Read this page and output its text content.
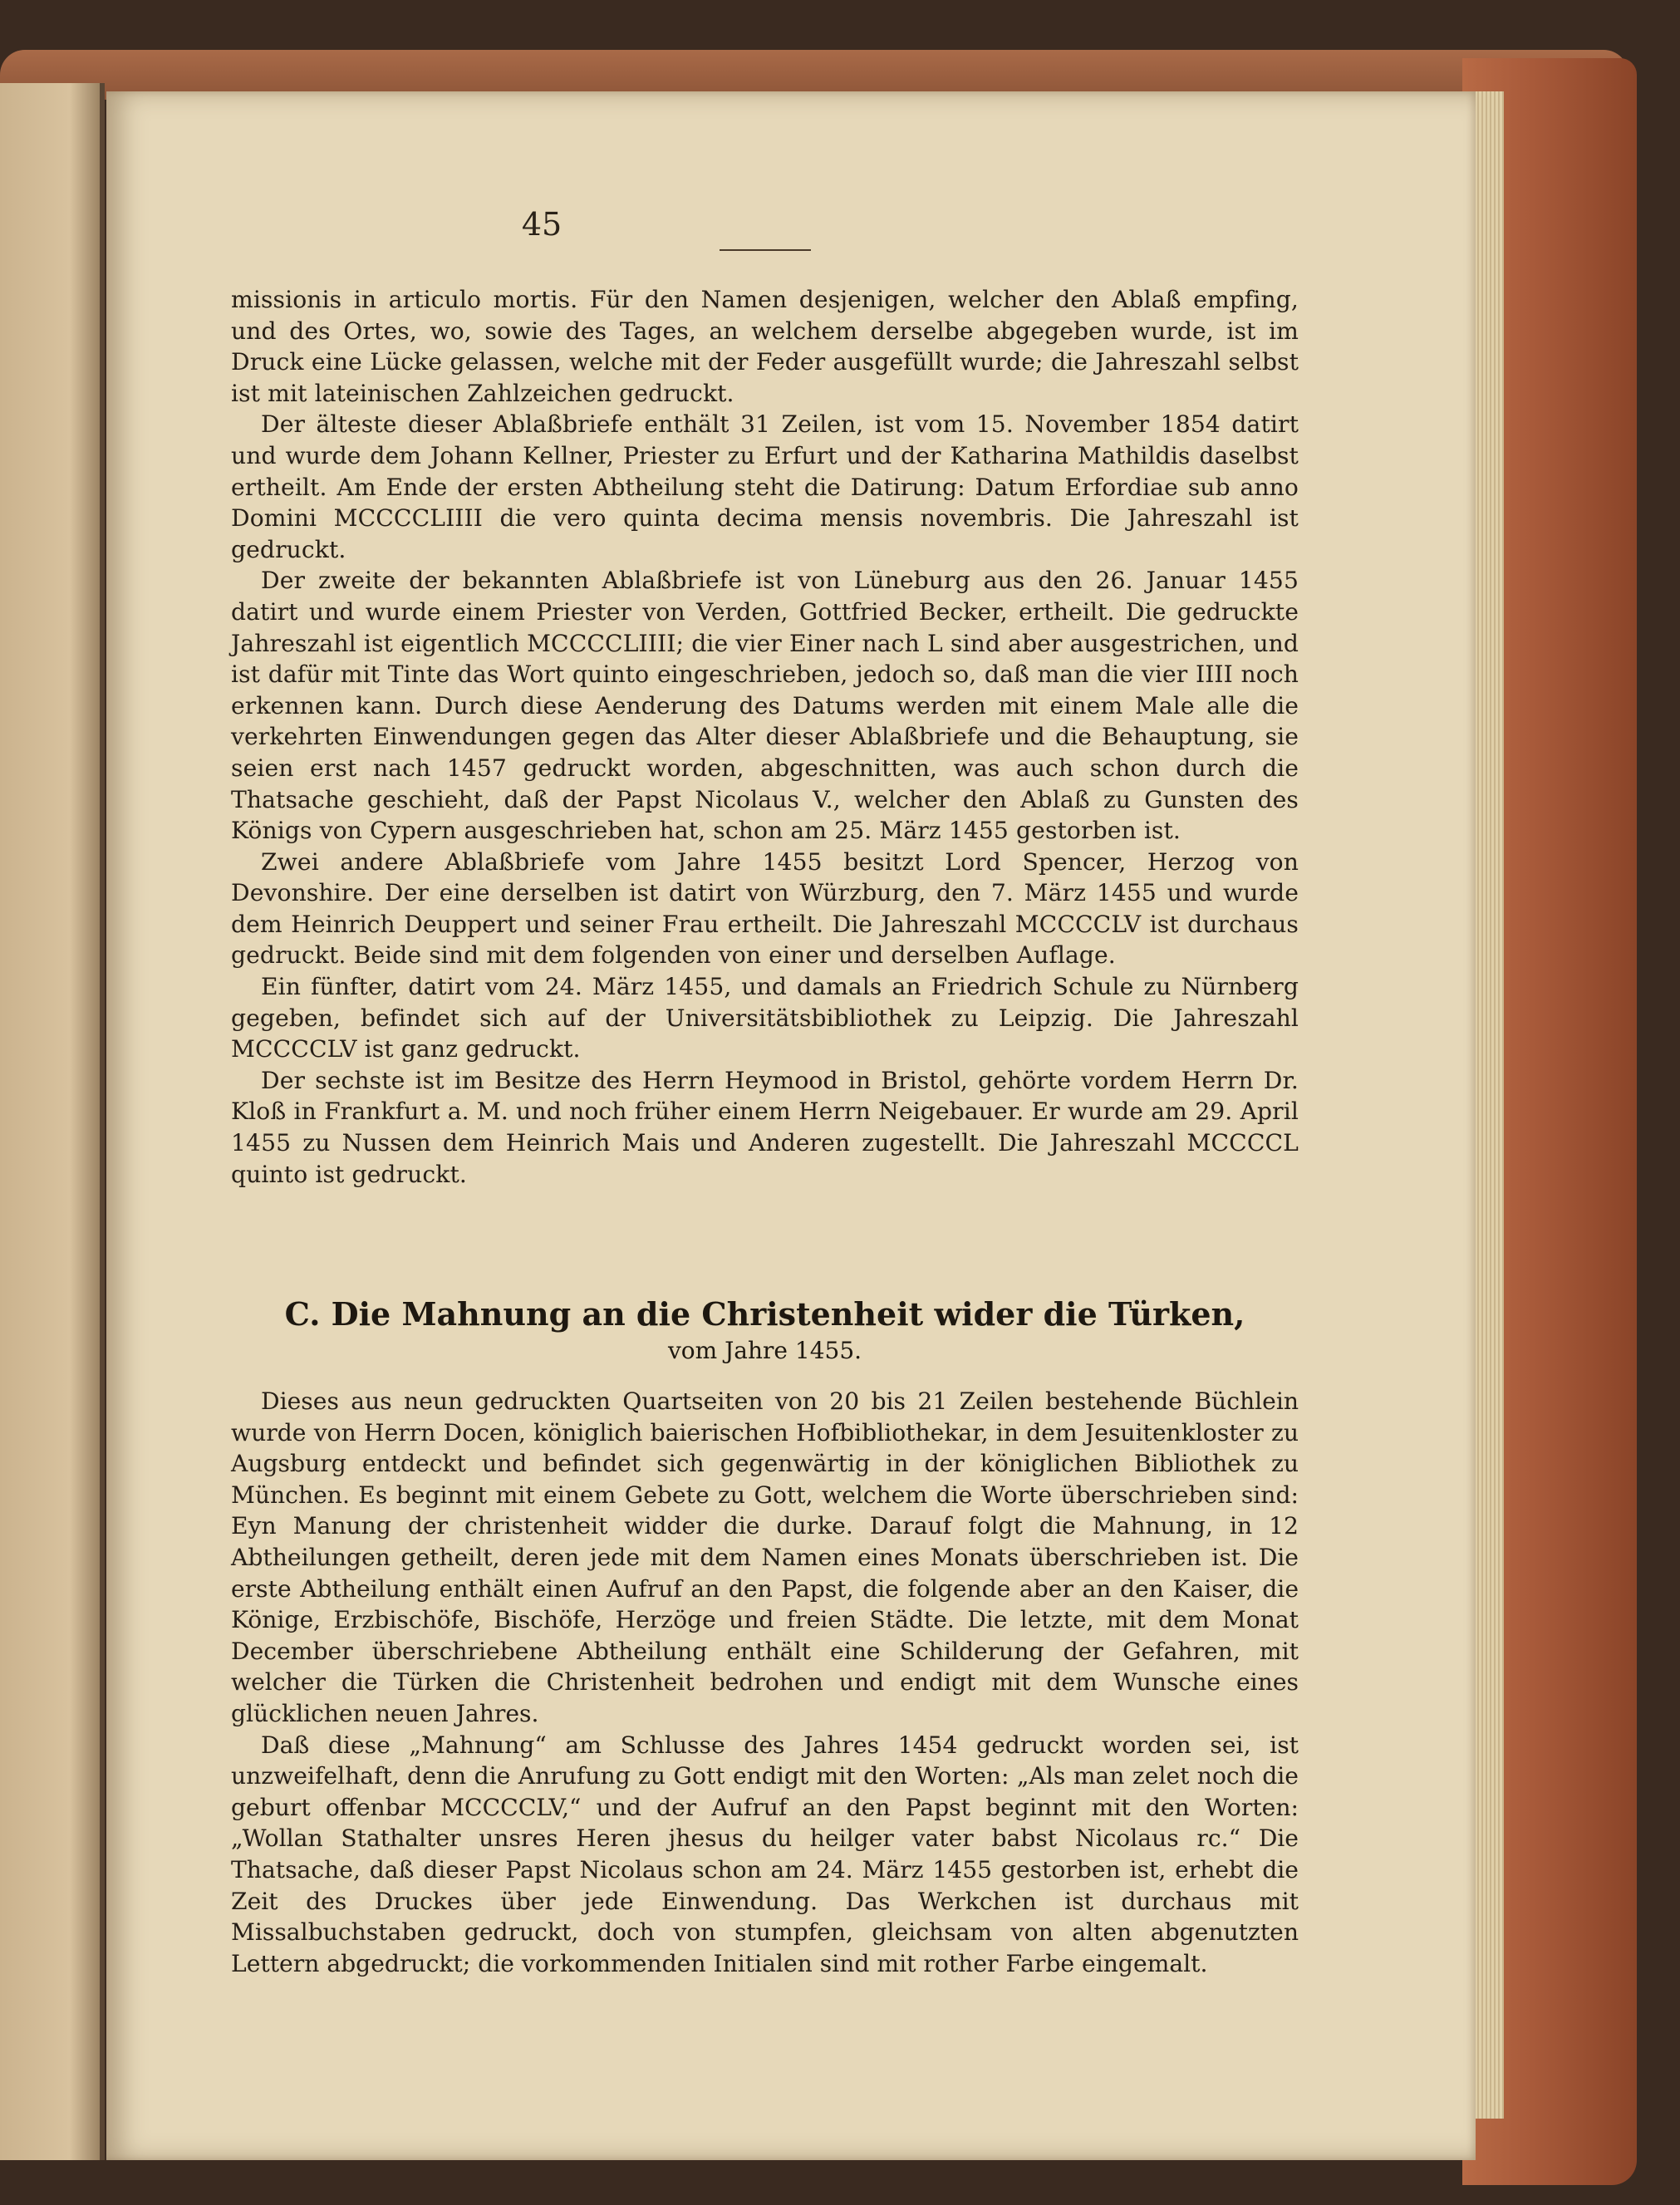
45

missionis in articulo mortis. Für den Namen desjenigen, welcher den Ablaß empfing, und des Ortes, wo, sowie des Tages, an welchem derselbe abgegeben wurde, ist im Druck eine Lücke gelassen, welche mit der Feder ausgefüllt wurde; die Jahreszahl selbst ist mit lateinischen Zahlzeichen gedruckt.

Der älteste dieser Ablaßbriefe enthält 31 Zeilen, ist vom 15. November 1854 datirt und wurde dem Johann Kellner, Priester zu Erfurt und der Katharina Mathildis daselbst ertheilt. Am Ende der ersten Abtheilung steht die Datirung: Datum Erfordiae sub anno Domini MCCCCLIIII die vero quinta decima mensis novembris. Die Jahreszahl ist gedruckt.

Der zweite der bekannten Ablaßbriefe ist von Lüneburg aus den 26. Januar 1455 datirt und wurde einem Priester von Verden, Gottfried Becker, ertheilt. Die gedruckte Jahreszahl ist eigentlich MCCCCLIIII; die vier Einer nach L sind aber ausgestrichen, und ist dafür mit Tinte das Wort quinto eingeschrieben, jedoch so, daß man die vier IIII noch erkennen kann. Durch diese Aenderung des Datums werden mit einem Male alle die verkehrten Einwendungen gegen das Alter dieser Ablaßbriefe und die Behauptung, sie seien erst nach 1457 gedruckt worden, abgeschnitten, was auch schon durch die Thatsache geschieht, daß der Papst Nicolaus V., welcher den Ablaß zu Gunsten des Königs von Cypern ausgeschrieben hat, schon am 25. März 1455 gestorben ist.

Zwei andere Ablaßbriefe vom Jahre 1455 besitzt Lord Spencer, Herzog von Devonshire. Der eine derselben ist datirt von Würzburg, den 7. März 1455 und wurde dem Heinrich Deuppert und seiner Frau ertheilt. Die Jahreszahl MCCCCLV ist durchaus gedruckt. Beide sind mit dem folgenden von einer und derselben Auflage.

Ein fünfter, datirt vom 24. März 1455, und damals an Friedrich Schule zu Nürnberg gegeben, befindet sich auf der Universitätsbibliothek zu Leipzig. Die Jahreszahl MCCCCLV ist ganz gedruckt.

Der sechste ist im Besitze des Herrn Heymood in Bristol, gehörte vordem Herrn Dr. Kloß in Frankfurt a. M. und noch früher einem Herrn Neigebauer. Er wurde am 29. April 1455 zu Nussen dem Heinrich Mais und Anderen zugestellt. Die Jahreszahl MCCCCL quinto ist gedruckt.

C. Die Mahnung an die Christenheit wider die Türken,
vom Jahre 1455.

Dieses aus neun gedruckten Quartseiten von 20 bis 21 Zeilen bestehende Büchlein wurde von Herrn Docen, königlich baierischen Hofbibliothekar, in dem Jesuitenkloster zu Augsburg entdeckt und befindet sich gegenwärtig in der königlichen Bibliothek zu München. Es beginnt mit einem Gebete zu Gott, welchem die Worte überschrieben sind: Eyn Manung der christenheit widder die durke. Darauf folgt die Mahnung, in 12 Abtheilungen getheilt, deren jede mit dem Namen eines Monats überschrieben ist. Die erste Abtheilung enthält einen Aufruf an den Papst, die folgende aber an den Kaiser, die Könige, Erzbischöfe, Bischöfe, Herzöge und freien Städte. Die letzte, mit dem Monat December überschriebene Abtheilung enthält eine Schilderung der Gefahren, mit welcher die Türken die Christenheit bedrohen und endigt mit dem Wunsche eines glücklichen neuen Jahres.

Daß diese „Mahnung“ am Schlusse des Jahres 1454 gedruckt worden sei, ist unzweifelhaft, denn die Anrufung zu Gott endigt mit den Worten: „Als man zelet noch die geburt offenbar MCCCCLV,“ und der Aufruf an den Papst beginnt mit den Worten: „Wollan Stathalter unsres Heren jhesus du heilger vater babst Nicolaus rc.“ Die Thatsache, daß dieser Papst Nicolaus schon am 24. März 1455 gestorben ist, erhebt die Zeit des Druckes über jede Einwendung. Das Werkchen ist durchaus mit Missalbuchstaben gedruckt, doch von stumpfen, gleichsam von alten abgenutzten Lettern abgedruckt; die vorkommenden Initialen sind mit rother Farbe eingemalt.
